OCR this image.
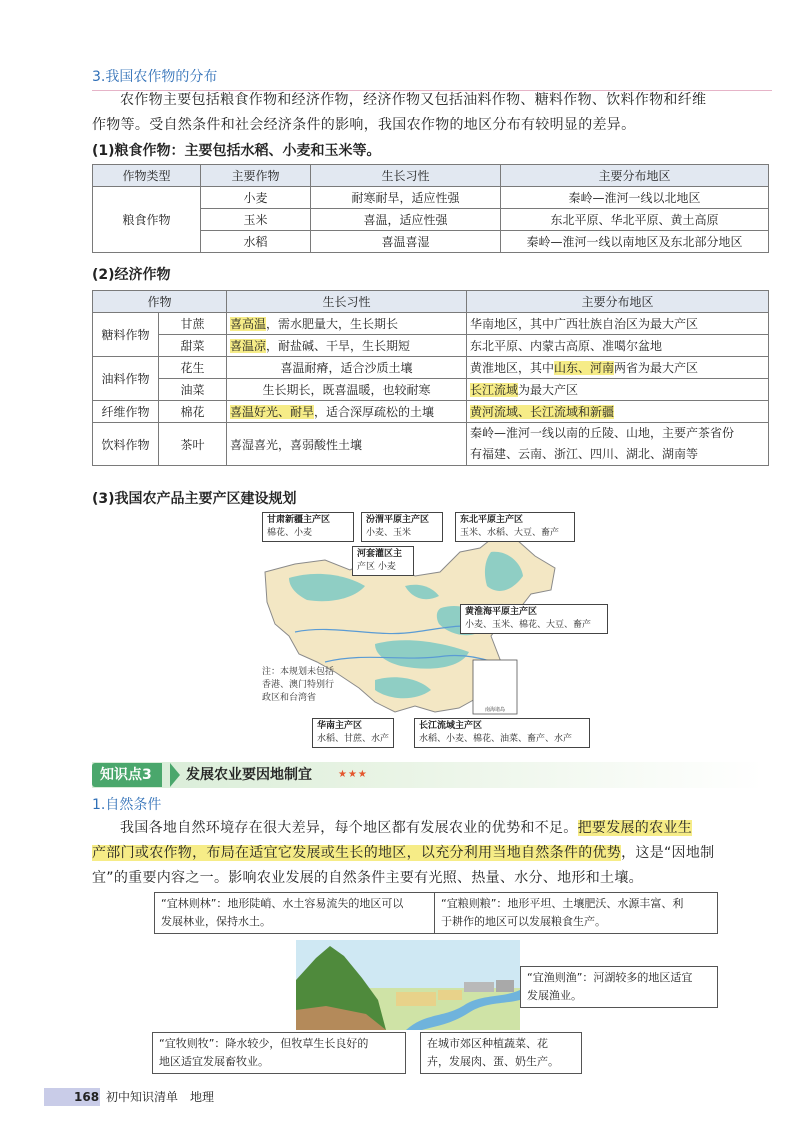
3.我国农作物的分布
农作物主要包括粮食作物和经济作物，经济作物又包括油料作物、糖料作物、饮料作物和纤维
作物等。受自然条件和社会经济条件的影响，我国农作物的地区分布有较明显的差异。
(1)粮食作物：主要包括水稻、小麦和玉米等。
作物类型	主要作物	生长习性	主要分布地区
粮食作物	小麦	耐寒耐旱，适应性强	秦岭—淮河一线以北地区
	玉米	喜温，适应性强	东北平原、华北平原、黄土高原
	水稻	喜温喜湿	秦岭—淮河一线以南地区及东北部分地区
(2)经济作物
作物		生长习性	主要分布地区
糖料作物	甘蔗	喜高温，需水肥量大，生长期长	华南地区，其中广西壮族自治区为最大产区
	甜菜	喜温凉，耐盐碱、干旱，生长期短	东北平原、内蒙古高原、准噶尔盆地
油料作物	花生	喜温耐瘠，适合沙质土壤	黄淮地区，其中山东、河南两省为最大产区
	油菜	生长期长，既喜温暖，也较耐寒	长江流域为最大产区
纤维作物	棉花	喜温好光、耐旱，适合深厚疏松的土壤	黄河流域、长江流域和新疆
饮料作物	茶叶	喜湿喜光，喜弱酸性土壤	秦岭—淮河一线以南的丘陵、山地，主要产茶省份
有福建、云南、浙江、四川、湖北、湖南等
(3)我国农产品主要产区建设规划
南海诸岛
甘肃新疆主产区
棉花、小麦
汾渭平原主产区
小麦、玉米
东北平原主产区
玉米、水稻、大豆、畜产
河套灌区主
产区 小麦
黄淮海平原主产区
小麦、玉米、棉花、大豆、畜产
注：本规划未包括
香港、澳门特别行
政区和台湾省
华南主产区
水稻、甘蔗、水产
长江流域主产区
水稻、小麦、棉花、油菜、畜产、水产
知识点3	发展农业要因地制宜	★★★
1.自然条件
我国各地自然环境存在很大差异，每个地区都有发展农业的优势和不足。把要发展的农业生
产部门或农作物，布局在适宜它发展或生长的地区，以充分利用当地自然条件的优势，这是“因地制
宜”的重要内容之一。影响农业发展的自然条件主要有光照、热量、水分、地形和土壤。
“宜林则林”：地形陡峭、水土容易流失的地区可以
发展林业，保持水土。
“宜粮则粮”：地形平坦、土壤肥沃、水源丰富、利
于耕作的地区可以发展粮食生产。
“宜渔则渔”：河湖较多的地区适宜
发展渔业。
“宜牧则牧”：降水较少，但牧草生长良好的
地区适宜发展畜牧业。
在城市郊区种植蔬菜、花
卉，发展肉、蛋、奶生产。
168 初中知识清单　地理
